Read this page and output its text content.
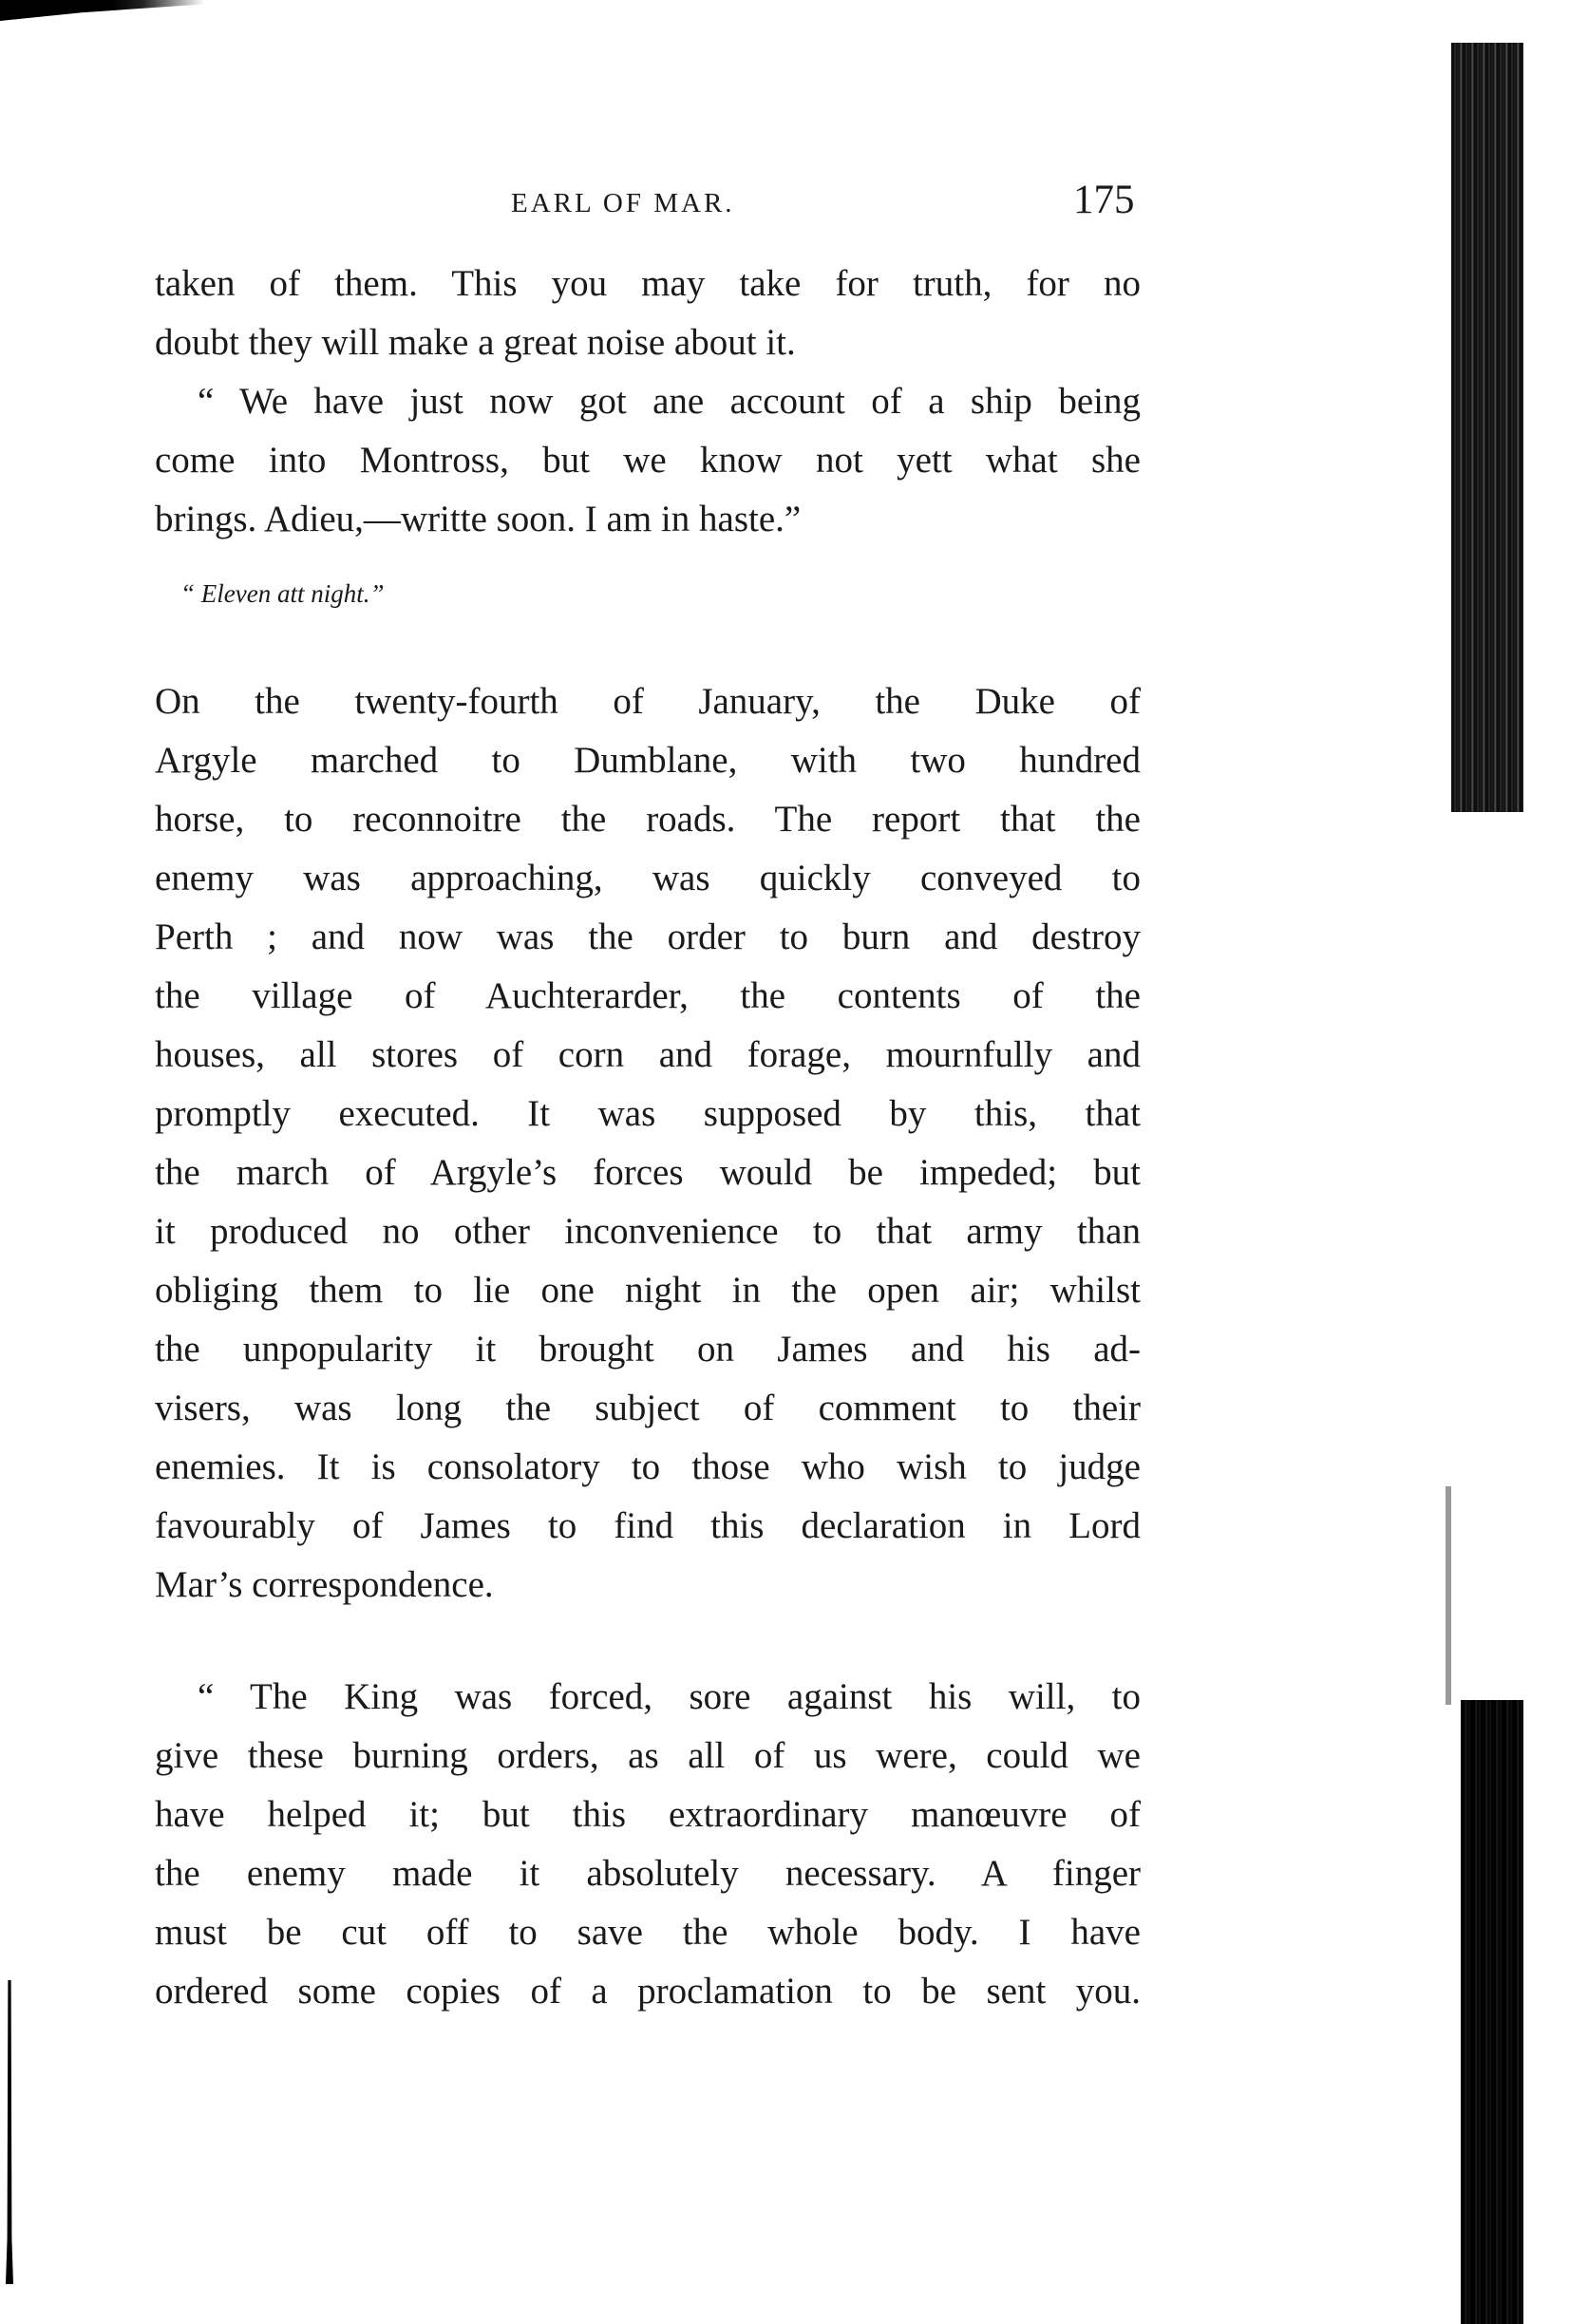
EARL OF MAR.	175
taken of them. This you may take for truth, for no
doubt they will make a great noise about it.
“ We have just now got ane account of a ship being
come into Montross, but we know not yett what she
brings. Adieu,—writte soon. I am in haste.”
“ Eleven att night.”
On the twenty-fourth of January, the Duke of
Argyle marched to Dumblane, with two hundred
horse, to reconnoitre the roads. The report that the
enemy was approaching, was quickly conveyed to
Perth ; and now was the order to burn and destroy
the village of Auchterarder, the contents of the
houses, all stores of corn and forage, mournfully and
promptly executed. It was supposed by this, that
the march of Argyle’s forces would be impeded; but
it produced no other inconvenience to that army than
obliging them to lie one night in the open air; whilst
the unpopularity it brought on James and his ad-
visers, was long the subject of comment to their
enemies. It is consolatory to those who wish to judge
favourably of James to find this declaration in Lord
Mar’s correspondence.
“ The King was forced, sore against his will, to
give these burning orders, as all of us were, could we
have helped it; but this extraordinary manœuvre of
the enemy made it absolutely necessary. A finger
must be cut off to save the whole body. I have
ordered some copies of a proclamation to be sent you.
